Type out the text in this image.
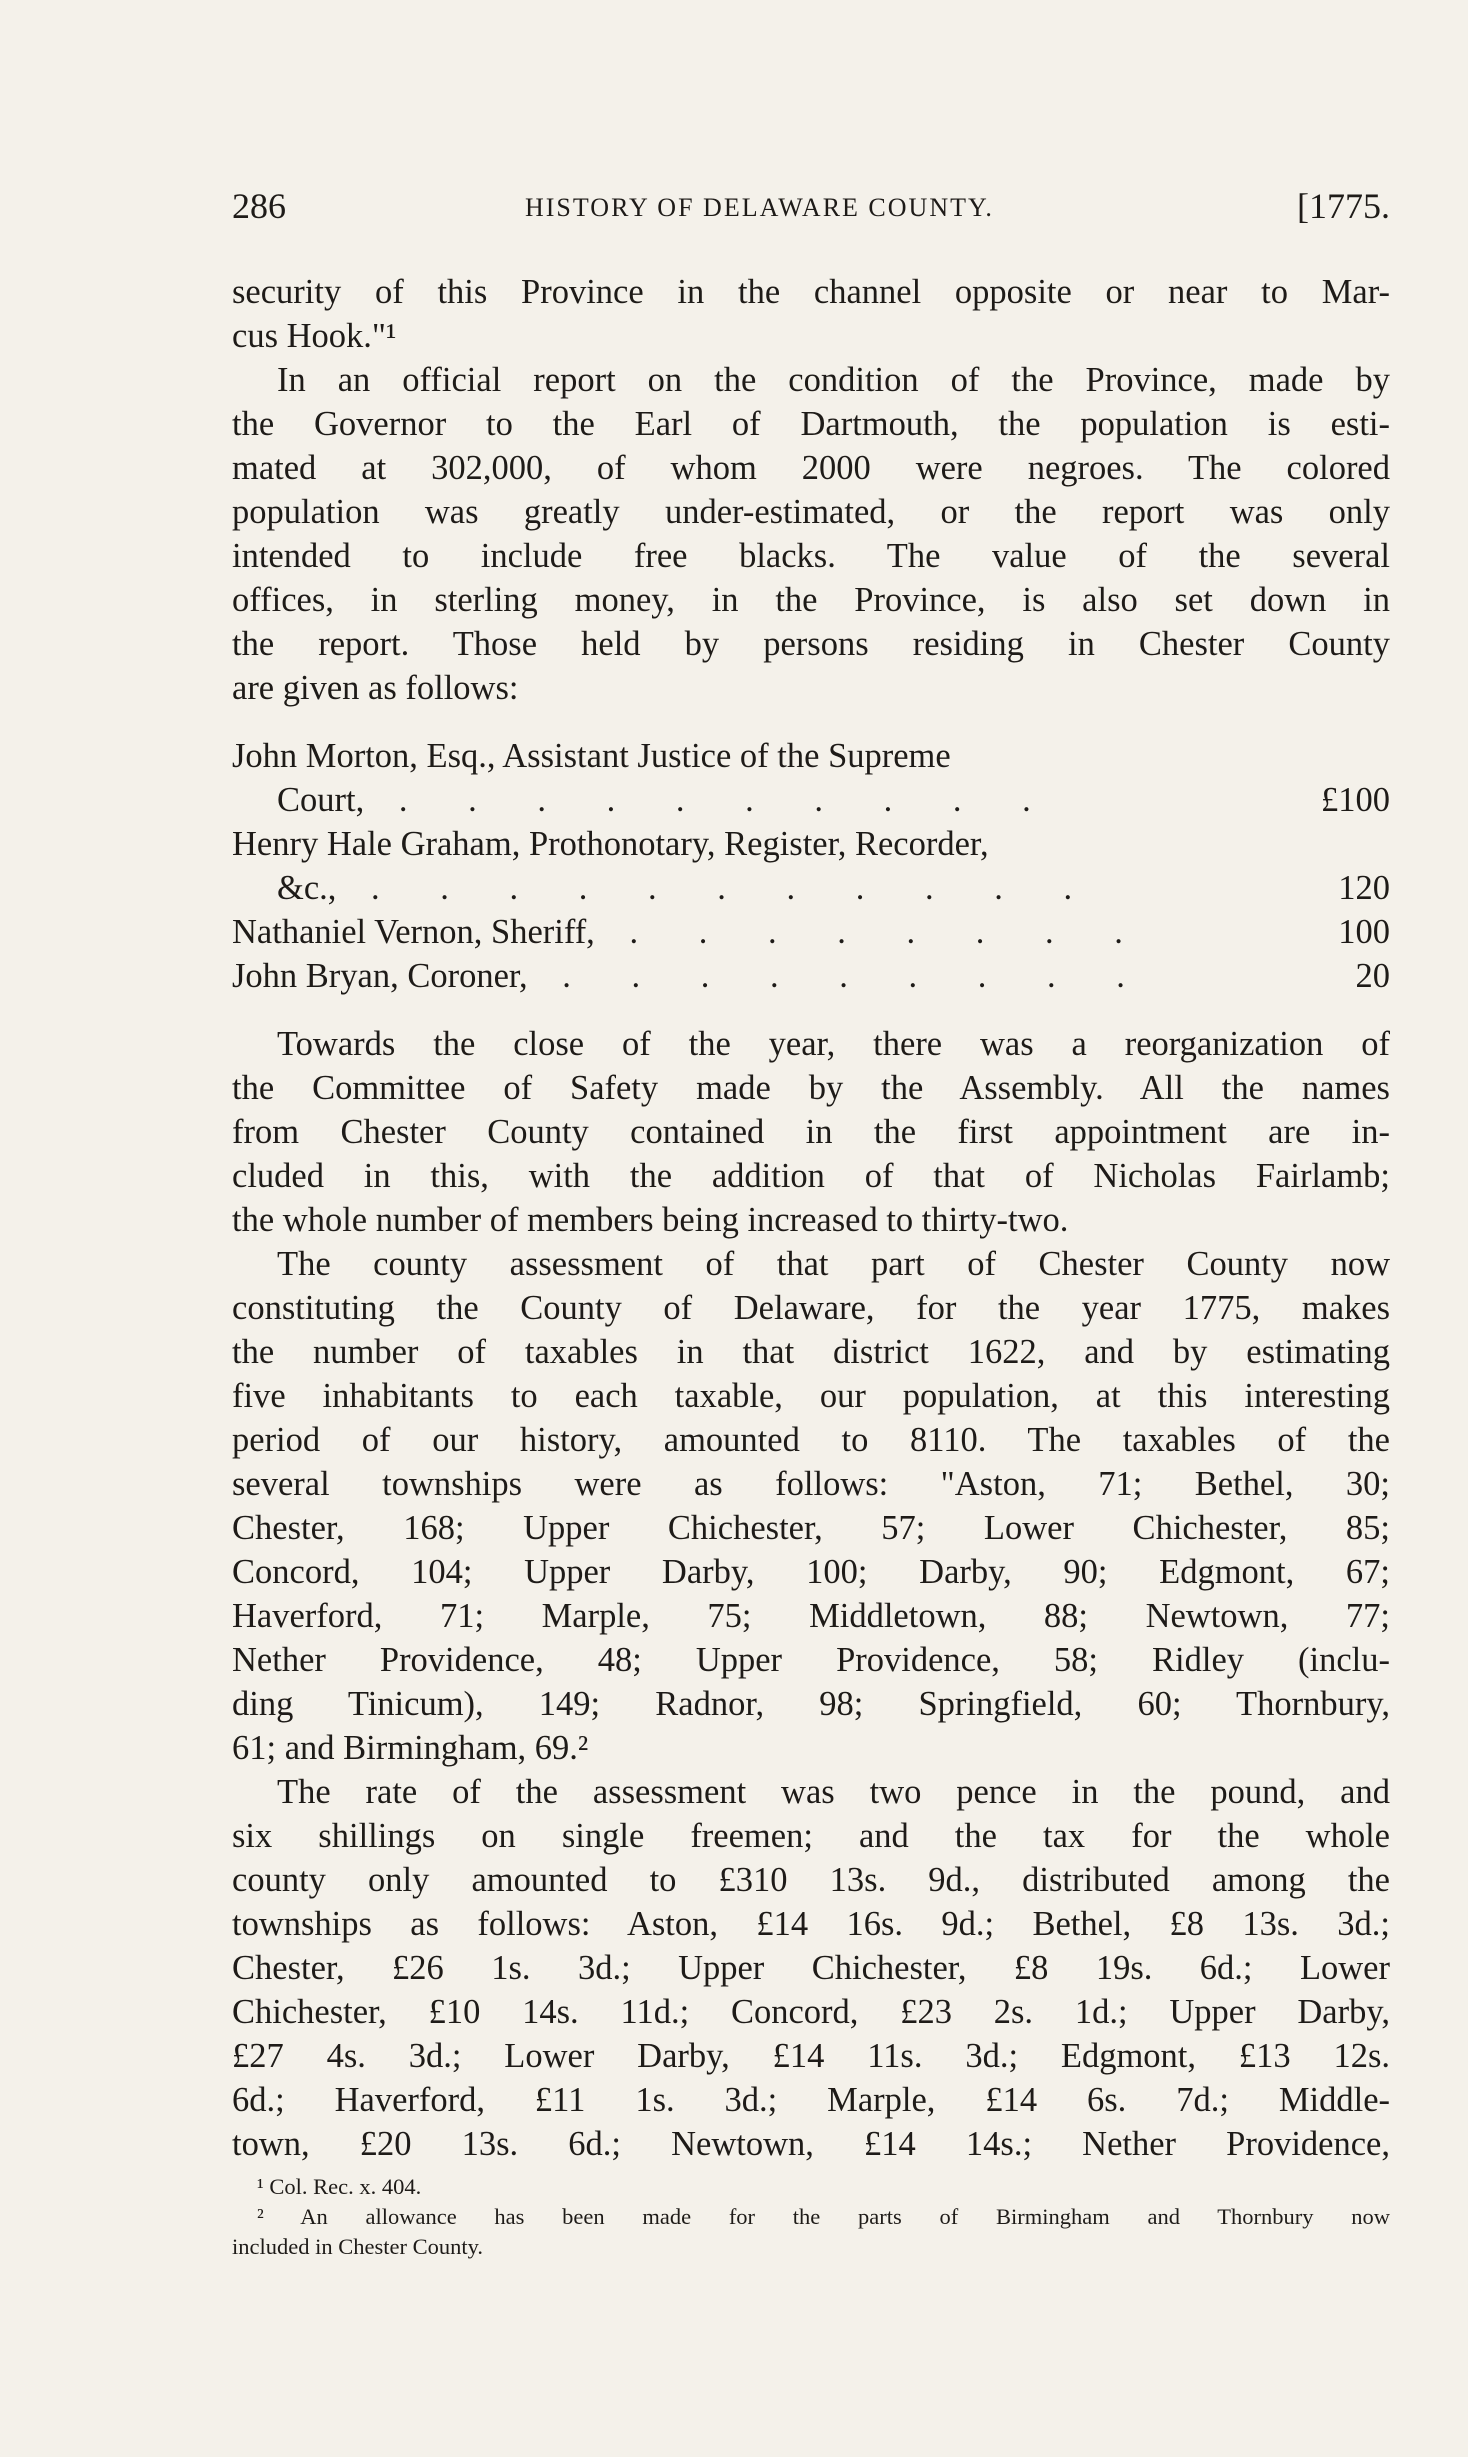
286	HISTORY OF DELAWARE COUNTY.	[1775.
security of this Province in the channel opposite or near to Mar-
cus Hook."¹
In an official report on the condition of the Province, made by
the Governor to the Earl of Dartmouth, the population is esti-
mated at 302,000, of whom 2000 were negroes. The colored
population was greatly under-estimated, or the report was only
intended to include free blacks. The value of the several
offices, in sterling money, in the Province, is also set down in
the report. Those held by persons residing in Chester County
are given as follows:
John Morton, Esq., Assistant Justice of the Supreme
Court, . . . . . . . . . .	£100
Henry Hale Graham, Prothonotary, Register, Recorder,
&c., . . . . . . . . . . .	120
Nathaniel Vernon, Sheriff, . . . . . . . .	100
John Bryan, Coroner, . . . . . . . . .	20
Towards the close of the year, there was a reorganization of
the Committee of Safety made by the Assembly. All the names
from Chester County contained in the first appointment are in-
cluded in this, with the addition of that of Nicholas Fairlamb;
the whole number of members being increased to thirty-two.
The county assessment of that part of Chester County now
constituting the County of Delaware, for the year 1775, makes
the number of taxables in that district 1622, and by estimating
five inhabitants to each taxable, our population, at this interesting
period of our history, amounted to 8110. The taxables of the
several townships were as follows: "Aston, 71; Bethel, 30;
Chester, 168; Upper Chichester, 57; Lower Chichester, 85;
Concord, 104; Upper Darby, 100; Darby, 90; Edgmont, 67;
Haverford, 71; Marple, 75; Middletown, 88; Newtown, 77;
Nether Providence, 48; Upper Providence, 58; Ridley (inclu-
ding Tinicum), 149; Radnor, 98; Springfield, 60; Thornbury,
61; and Birmingham, 69.²
The rate of the assessment was two pence in the pound, and
six shillings on single freemen; and the tax for the whole
county only amounted to £310 13s. 9d., distributed among the
townships as follows: Aston, £14 16s. 9d.; Bethel, £8 13s. 3d.;
Chester, £26 1s. 3d.; Upper Chichester, £8 19s. 6d.; Lower
Chichester, £10 14s. 11d.; Concord, £23 2s. 1d.; Upper Darby,
£27 4s. 3d.; Lower Darby, £14 11s. 3d.; Edgmont, £13 12s.
6d.; Haverford, £11 1s. 3d.; Marple, £14 6s. 7d.; Middle-
town, £20 13s. 6d.; Newtown, £14 14s.; Nether Providence,
¹ Col. Rec. x. 404.
² An allowance has been made for the parts of Birmingham and Thornbury now
included in Chester County.
